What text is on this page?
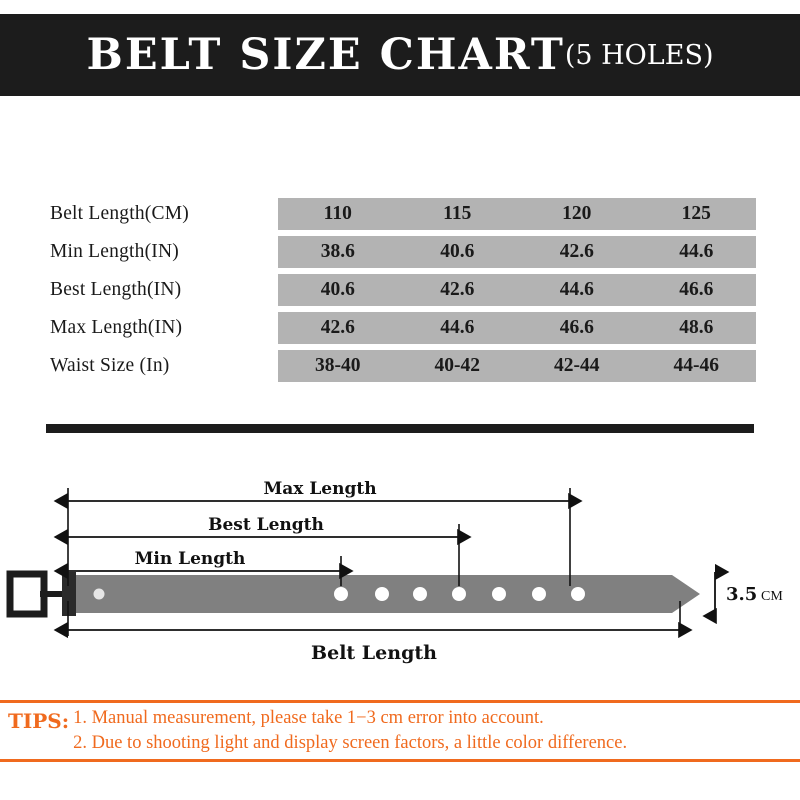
BELT SIZE CHART (5 HOLES)
Belt Length(CM)	110	115	120	125
Min Length(IN)	38.6	40.6	42.6	44.6
Best Length(IN)	40.6	42.6	44.6	46.6
Max Length(IN)	42.6	44.6	46.6	48.6
Waist Size (In)	38-40	40-42	42-44	44-46
Max Length
Best Length
Min Length
Belt Length
3.5 CM
TIPS: 1. Manual measurement, please take 1−3 cm error into account.
2. Due to shooting light and display screen factors, a little color difference.
